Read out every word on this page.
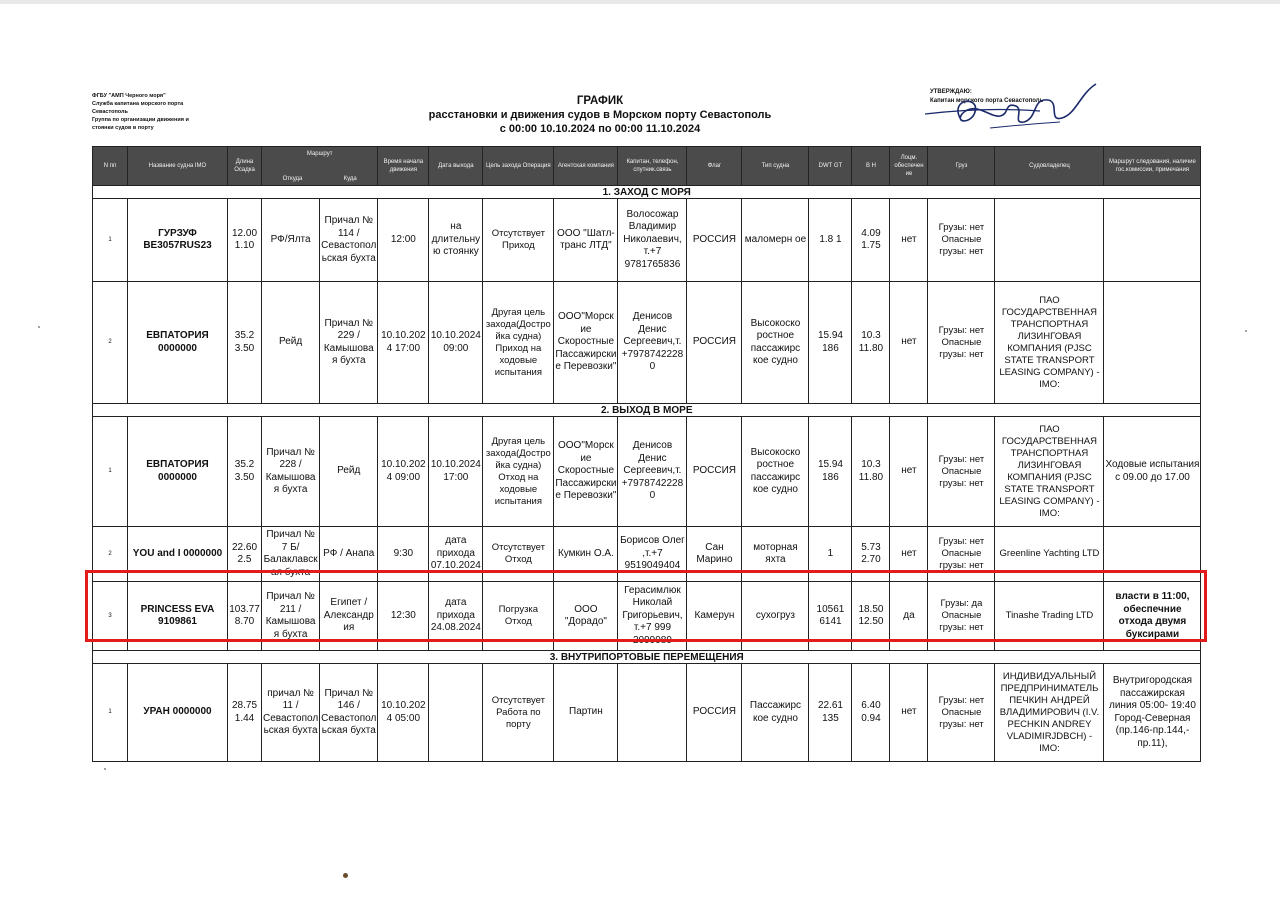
ФГБУ "АМП Черного моря"
Служба капитана морского порта
Севастополь
Группа по организации движения и
стоянки судов в порту
ГРАФИК
расстановки и движения судов в Морском порту Севастополь
с 00:00 10.10.2024 по 00:00 11.10.2024
УТВЕРЖДАЮ:
Капитан морского порта Севастополь
N пп	Название судна IMO	Длина Осадка	Маршрут
Откуда Куда		Время начала движения	Дата выхода	Цель захода Операция	Агентская компания	Капитан, телефон, спутник.связь	Флаг	Тип судна	DWT GT	B H	Лоцм. обеспечен ие	Груз	Судовладелец	Маршрут следования, наличие гос.комиссии, примечания
1. ЗАХОД С МОРЯ																	
1	ГУРЗУФ BE3057RUS23	12.00 1.10	РФ/Ялта	Причал № 114 / Севастопол ьская бухта	12:00	на длительну ю стоянку	Отсутствует Приход	ООО "Шатл-транс ЛТД"	Волосожар Владимир Николаевич, т.+7 9781765836	РОССИЯ	маломерн ое	1.8 1	4.09 1.75	нет	Грузы: нет Опасные грузы: нет		
2	ЕВПАТОРИЯ 0000000	35.2 3.50	Рейд	Причал № 229 / Камышова я бухта	10.10.202 4 17:00	10.10.2024 09:00	Другая цель захода(Достро йка судна) Приход на ходовые испытания	ООО"Морск ие Скоростные Пассажирски е Перевозки"	Денисов Денис Сергеевич,т. +7978742228 0	РОССИЯ	Высокоско ростное пассажирс кое судно	15.94 186	10.3 11.80	нет	Грузы: нет Опасные грузы: нет	ПАО ГОСУДАРСТВЕННАЯ ТРАНСПОРТНАЯ ЛИЗИНГОВАЯ КОМПАНИЯ (PJSC STATE TRANSPORT LEASING COMPANY) - IMO:	
2. ВЫХОД В МОРЕ																	
1	ЕВПАТОРИЯ 0000000	35.2 3.50	Причал № 228 / Камышова я бухта	Рейд	10.10.202 4 09:00	10.10.2024 17:00	Другая цель захода(Достро йка судна) Отход на ходовые испытания	ООО"Морск ие Скоростные Пассажирски е Перевозки"	Денисов Денис Сергеевич,т. +7978742228 0	РОССИЯ	Высокоско ростное пассажирс кое судно	15.94 186	10.3 11.80	нет	Грузы: нет Опасные грузы: нет	ПАО ГОСУДАРСТВЕННАЯ ТРАНСПОРТНАЯ ЛИЗИНГОВАЯ КОМПАНИЯ (PJSC STATE TRANSPORT LEASING COMPANY) - IMO:	Ходовые испытания с 09.00 до 17.00
2	YOU and I 0000000	22.60 2.5	Причал № 7 Б/ Балаклавск ая бухта	РФ / Анапа	9:30	дата прихода 07.10.2024	Отсутствует Отход	Кумкин О.А.	Борисов Олег ,т.+7 9519049404	Сан Марино	моторная яхта	1	5.73 2.70	нет	Грузы: нет Опасные грузы: нет	Greenline Yachting LTD	
3	PRINCESS EVA 9109861	103.77 8.70	Причал № 211 / Камышова я бухта	Египет / Александр ия	12:30	дата прихода 24.08.2024	Погрузка Отход	ООО "Дорадо"	Герасимлюк Николай Григорьевич, т.+7 999 2099989	Камерун	сухогруз	10561 6141	18.50 12.50	да	Грузы: да Опасные грузы: нет	Tinashe Trading LTD	власти в 11:00, обеспечние отхода двумя буксирами
3. ВНУТРИПОРТОВЫЕ ПЕРЕМЕЩЕНИЯ																	
1	УРАН 0000000	28.75 1.44	причал № 11 / Севастопол ьская бухта	Причал № 146 / Севастопол ьская бухта	10.10.202 4 05:00		Отсутствует Работа по порту	Партин		РОССИЯ	Пассажирс кое судно	22.61 135	6.40 0.94	нет	Грузы: нет Опасные грузы: нет	ИНДИВИДУАЛЬНЫЙ ПРЕДПРИНИМАТЕЛЬ ПЕЧКИН АНДРЕЙ ВЛАДИМИРОВИЧ (I.V. PECHKIN ANDREY VLADIMIRJDBCH) - IMO:	Внутригородская пассажирская линия 05:00- 19:40 Город-Северная (пр.146-пр.144,-пр.11),
